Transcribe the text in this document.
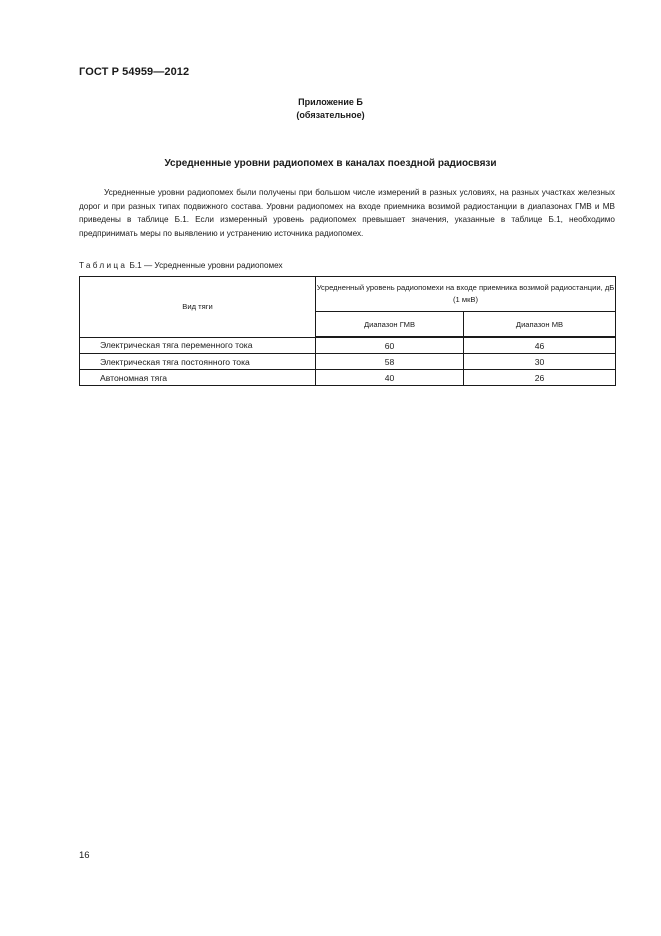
ГОСТ Р 54959—2012
Приложение Б
(обязательное)
Усредненные уровни радиопомех в каналах поездной радиосвязи

Усредненные уровни радиопомех были получены при большом числе измерений в разных условиях, на разных участках железных дорог и при разных типах подвижного состава. Уровни радиопомех на входе приемника возимой радиостанции в диапазонах ГМВ и МВ приведены в таблице Б.1. Если измеренный уровень радиопомех превышает значения, указанные в таблице Б.1, необходимо предпринимать меры по выявлению и устранению источника радиопомех.

Таблица Б.1 — Усредненные уровни радиопомех
Вид тяги	Усредненный уровень радиопомехи на входе приемника возимой радиостанции, дБ (1 мкВ)	
	Диапазон ГМВ	Диапазон МВ
Электрическая тяга переменного тока	60	46
Электрическая тяга постоянного тока	58	30
Автономная тяга	40	26
16
